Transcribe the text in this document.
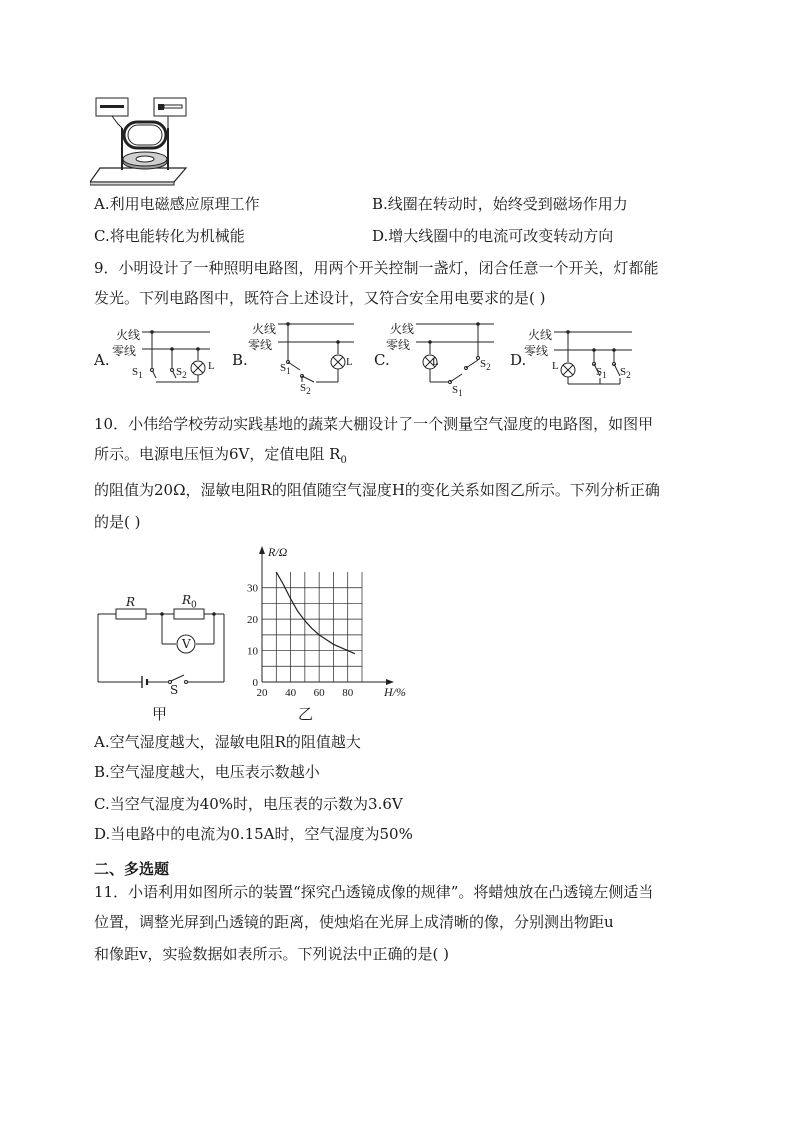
A.利用电磁感应原理工作	B.线圈在转动时，始终受到磁场作用力
C.将电能转化为机械能	D.增大线圈中的电流可改变转动方向
9．小明设计了一种照明电路图，用两个开关控制一盏灯，闭合任意一个开关，灯都能
发光。下列电路图中，既符合上述设计，又符合安全用电要求的是( )
A.
火线
零线
$S_1$	$S_2$
L B.
火线
零线
$S_1$
$S_2$
L C.
火线
零线
L
$S_1$
$S_2$ D.
火线
零线
L	$S_1$ $S_2$
10．小伟给学校劳动实践基地的蔬菜大棚设计了一个测量空气湿度的电路图，如图甲
所示。电源电压恒为6V，定值电阻 $R_0$
的阻值为20Ω，湿敏电阻R的阻值随空气湿度H的变化关系如图乙所示。下列分析正确
的是( )
R	$R_0$
V
S
甲
0
10
20
30
20 40 60 80
R/Ω
H/%
乙
A.空气湿度越大，湿敏电阻R的阻值越大
B.空气湿度越大，电压表示数越小
C.当空气湿度为40%时，电压表的示数为3.6V
D.当电路中的电流为0.15A时，空气湿度为50%
二、多选题
11．小语利用如图所示的装置“探究凸透镜成像的规律”。将蜡烛放在凸透镜左侧适当
位置，调整光屏到凸透镜的距离，使烛焰在光屏上成清晰的像，分别测出物距u
和像距v，实验数据如表所示。下列说法中正确的是( )
